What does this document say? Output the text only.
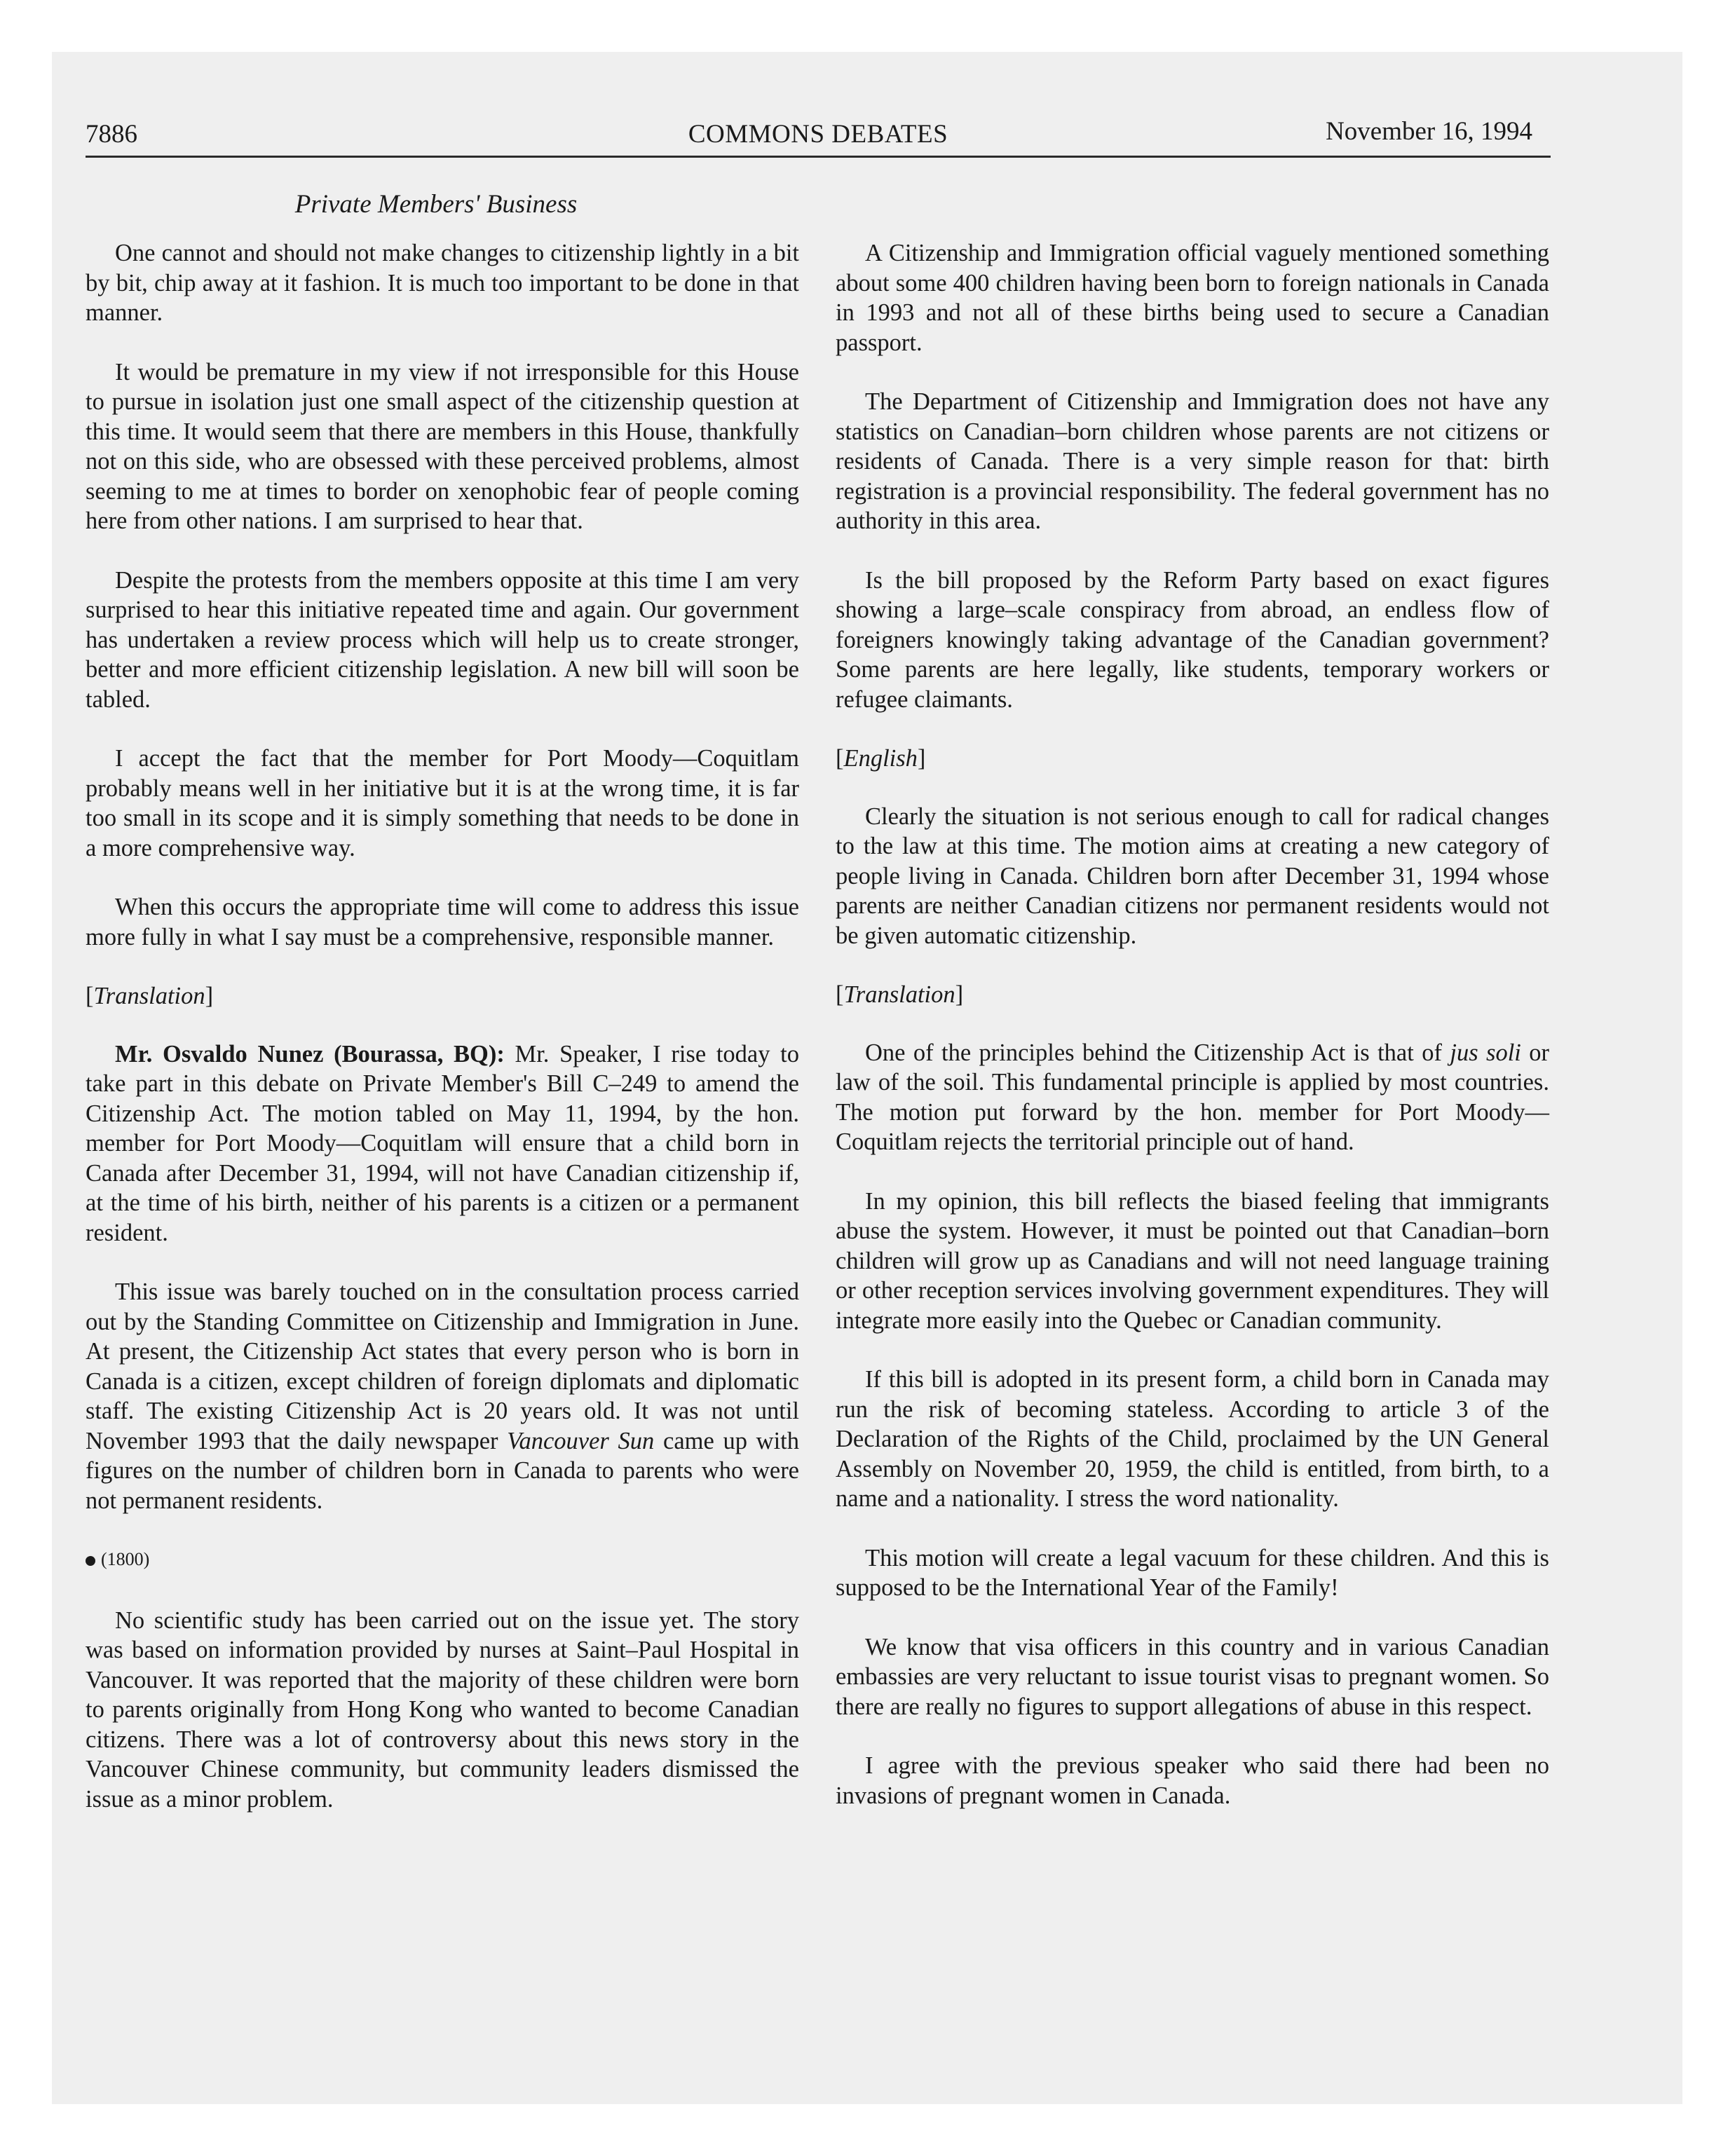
7886	COMMONS DEBATES	November 16, 1994
Private Members' Business

One cannot and should not make changes to citizenship lightly in a bit by bit, chip away at it fashion. It is much too important to be done in that manner.

It would be premature in my view if not irresponsible for this House to pursue in isolation just one small aspect of the citizenship question at this time. It would seem that there are members in this House, thankfully not on this side, who are obsessed with these perceived problems, almost seeming to me at times to border on xenophobic fear of people coming here from other nations. I am surprised to hear that.

Despite the protests from the members opposite at this time I am very surprised to hear this initiative repeated time and again. Our government has undertaken a review process which will help us to create stronger, better and more efficient citizenship legislation. A new bill will soon be tabled.

I accept the fact that the member for Port Moody—Coquitlam probably means well in her initiative but it is at the wrong time, it is far too small in its scope and it is simply something that needs to be done in a more comprehensive way.

When this occurs the appropriate time will come to address this issue more fully in what I say must be a comprehensive, responsible manner.

[Translation]

Mr. Osvaldo Nunez (Bourassa, BQ): Mr. Speaker, I rise today to take part in this debate on Private Member's Bill C–249 to amend the Citizenship Act. The motion tabled on May 11, 1994, by the hon. member for Port Moody—Coquitlam will ensure that a child born in Canada after December 31, 1994, will not have Canadian citizenship if, at the time of his birth, neither of his parents is a citizen or a permanent resident.

This issue was barely touched on in the consultation process carried out by the Standing Committee on Citizenship and Immigration in June. At present, the Citizenship Act states that every person who is born in Canada is a citizen, except children of foreign diplomats and diplomatic staff. The existing Citizenship Act is 20 years old. It was not until November 1993 that the daily newspaper Vancouver Sun came up with figures on the number of children born in Canada to parents who were not permanent residents.

(1800)

No scientific study has been carried out on the issue yet. The story was based on information provided by nurses at Saint–Paul Hospital in Vancouver. It was reported that the majority of these children were born to parents originally from Hong Kong who wanted to become Canadian citizens. There was a lot of controversy about this news story in the Vancouver Chinese community, but community leaders dismissed the issue as a minor problem.

A Citizenship and Immigration official vaguely mentioned something about some 400 children having been born to foreign nationals in Canada in 1993 and not all of these births being used to secure a Canadian passport.

The Department of Citizenship and Immigration does not have any statistics on Canadian–born children whose parents are not citizens or residents of Canada. There is a very simple reason for that: birth registration is a provincial responsibility. The federal government has no authority in this area.

Is the bill proposed by the Reform Party based on exact figures showing a large–scale conspiracy from abroad, an endless flow of foreigners knowingly taking advantage of the Canadian government? Some parents are here legally, like students, temporary workers or refugee claimants.

[English]

Clearly the situation is not serious enough to call for radical changes to the law at this time. The motion aims at creating a new category of people living in Canada. Children born after December 31, 1994 whose parents are neither Canadian citizens nor permanent residents would not be given automatic citizenship.

[Translation]

One of the principles behind the Citizenship Act is that of jus soli or law of the soil. This fundamental principle is applied by most countries. The motion put forward by the hon. member for Port Moody—Coquitlam rejects the territorial principle out of hand.

In my opinion, this bill reflects the biased feeling that immigrants abuse the system. However, it must be pointed out that Canadian–born children will grow up as Canadians and will not need language training or other reception services involving government expenditures. They will integrate more easily into the Quebec or Canadian community.

If this bill is adopted in its present form, a child born in Canada may run the risk of becoming stateless. According to article 3 of the Declaration of the Rights of the Child, proclaimed by the UN General Assembly on November 20, 1959, the child is entitled, from birth, to a name and a nationality. I stress the word nationality.

This motion will create a legal vacuum for these children. And this is supposed to be the International Year of the Family!

We know that visa officers in this country and in various Canadian embassies are very reluctant to issue tourist visas to pregnant women. So there are really no figures to support allegations of abuse in this respect.

I agree with the previous speaker who said there had been no invasions of pregnant women in Canada.
